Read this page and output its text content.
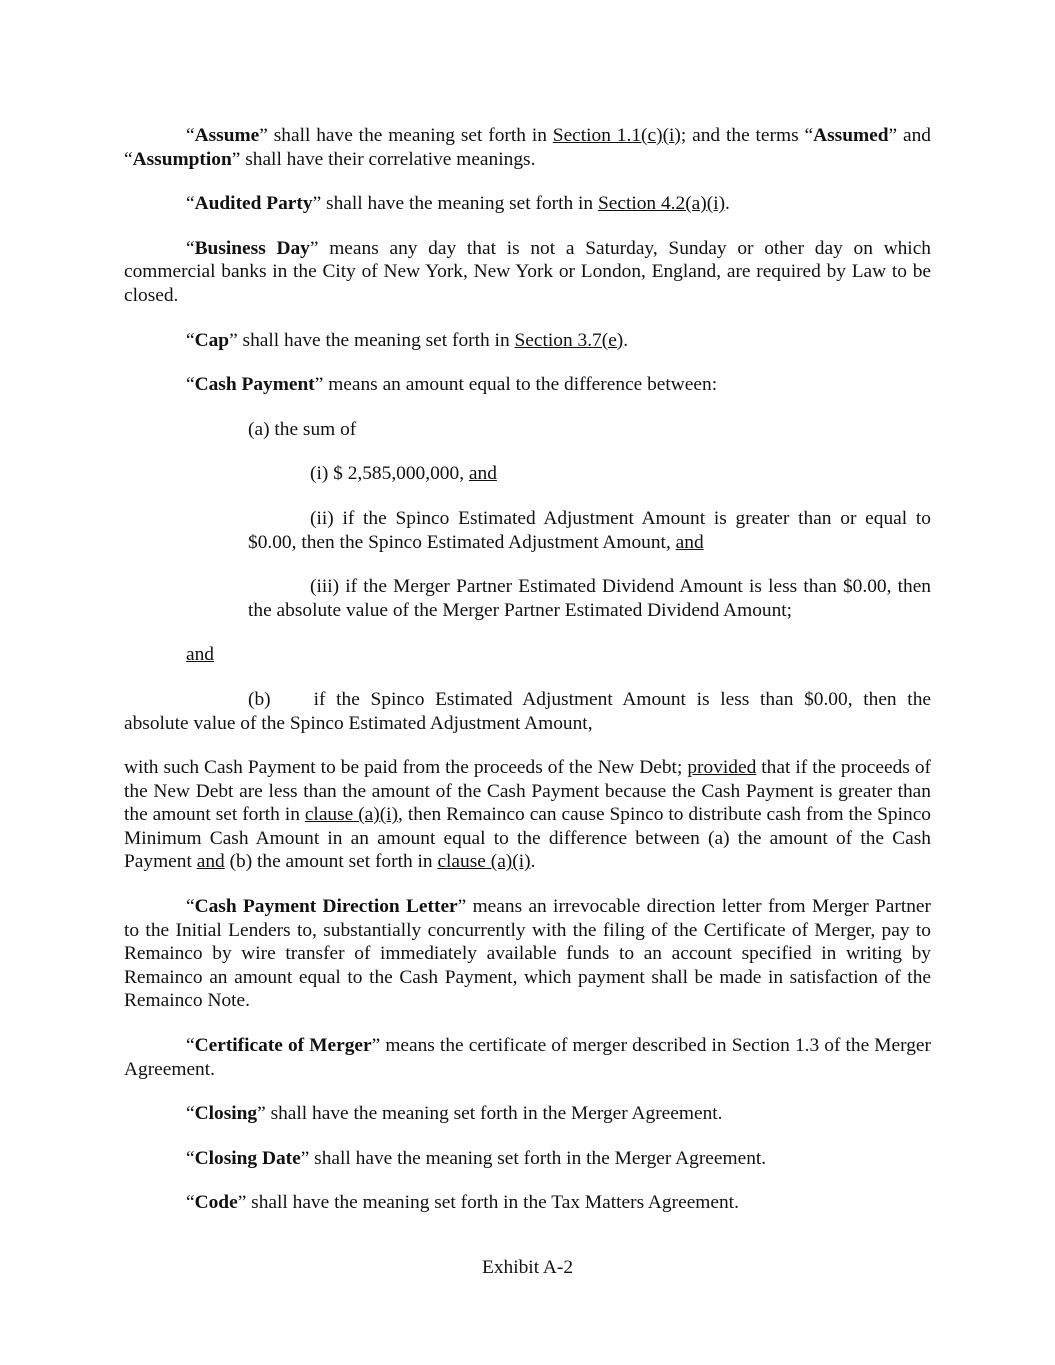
“Assume” shall have the meaning set forth in Section 1.1(c)(i); and the terms “Assumed” and “Assumption” shall have their correlative meanings.

“Audited Party” shall have the meaning set forth in Section 4.2(a)(i).

“Business Day” means any day that is not a Saturday, Sunday or other day on which commercial banks in the City of New York, New York or London, England, are required by Law to be closed.

“Cap” shall have the meaning set forth in Section 3.7(e).

“Cash Payment” means an amount equal to the difference between:

(a) the sum of

(i) $ 2,585,000,000, and

(ii) if the Spinco Estimated Adjustment Amount is greater than or equal to $0.00, then the Spinco Estimated Adjustment Amount, and

(iii) if the Merger Partner Estimated Dividend Amount is less than $0.00, then the absolute value of the Merger Partner Estimated Dividend Amount;

and

(b) if the Spinco Estimated Adjustment Amount is less than $0.00, then the absolute value of the Spinco Estimated Adjustment Amount,

with such Cash Payment to be paid from the proceeds of the New Debt; provided that if the proceeds of the New Debt are less than the amount of the Cash Payment because the Cash Payment is greater than the amount set forth in clause (a)(i), then Remainco can cause Spinco to distribute cash from the Spinco Minimum Cash Amount in an amount equal to the difference between (a) the amount of the Cash Payment and (b) the amount set forth in clause (a)(i).

“Cash Payment Direction Letter” means an irrevocable direction letter from Merger Partner to the Initial Lenders to, substantially concurrently with the filing of the Certificate of Merger, pay to Remainco by wire transfer of immediately available funds to an account specified in writing by Remainco an amount equal to the Cash Payment, which payment shall be made in satisfaction of the Remainco Note.

“Certificate of Merger” means the certificate of merger described in Section 1.3 of the Merger Agreement.

“Closing” shall have the meaning set forth in the Merger Agreement.

“Closing Date” shall have the meaning set forth in the Merger Agreement.

“Code” shall have the meaning set forth in the Tax Matters Agreement.

Exhibit A-2
